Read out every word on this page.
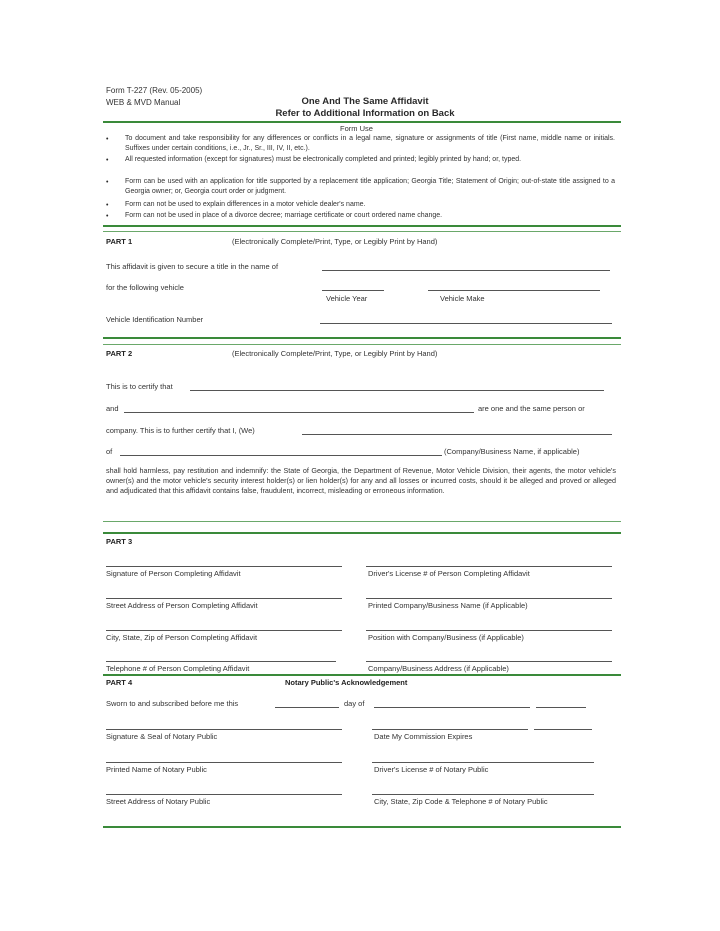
Form T-227 (Rev. 05-2005)
WEB & MVD Manual	One And The Same Affidavit
Refer to Additional Information on Back
Form Use
• To document and take responsibility for any differences or conflicts in a legal name, signature or assignments of title (First name, middle name or initials. Suffixes under certain conditions, i.e., Jr., Sr., III, IV, II, etc.).
• All requested information (except for signatures) must be electronically completed and printed; legibly printed by hand; or, typed.
• Form can be used with an application for title supported by a replacement title application; Georgia Title; Statement of Origin; out-of-state title assigned to a Georgia owner; or, Georgia court order or judgment.
• Form can not be used to explain differences in a motor vehicle dealer's name.
• Form can not be used in place of a divorce decree; marriage certificate or court ordered name change.
PART 1	(Electronically Complete/Print, Type, or Legibly Print by Hand)
This affidavit is given to secure a title in the name of
for the following vehicle
Vehicle Year	Vehicle Make
Vehicle Identification Number
PART 2	(Electronically Complete/Print, Type, or Legibly Print by Hand)
This is to certify that
and	are one and the same person or
company. This is to further certify that I, (We)
of	(Company/Business Name, if applicable)
shall hold harmless, pay restitution and indemnify: the State of Georgia, the Department of Revenue, Motor Vehicle Division, their agents, the motor vehicle's owner(s) and the motor vehicle's security interest holder(s) or lien holder(s) for any and all losses or incurred costs, should it be alleged and proved or alleged and adjudicated that this affidavit contains false, fraudulent, incorrect, misleading or erroneous information.
PART 3
Signature of Person Completing Affidavit	Driver's License # of Person Completing Affidavit
Street Address of Person Completing Affidavit	Printed Company/Business Name (if Applicable)
City, State, Zip of Person Completing Affidavit	Position with Company/Business (if Applicable)
Telephone # of Person Completing Affidavit	Company/Business Address (if Applicable)
PART 4	Notary Public's Acknowledgement
Sworn to and subscribed before me this	day of
Signature & Seal of Notary Public	Date My Commission Expires
Printed Name of Notary Public	Driver's License # of Notary Public
Street Address of Notary Public	City, State, Zip Code & Telephone # of Notary Public
